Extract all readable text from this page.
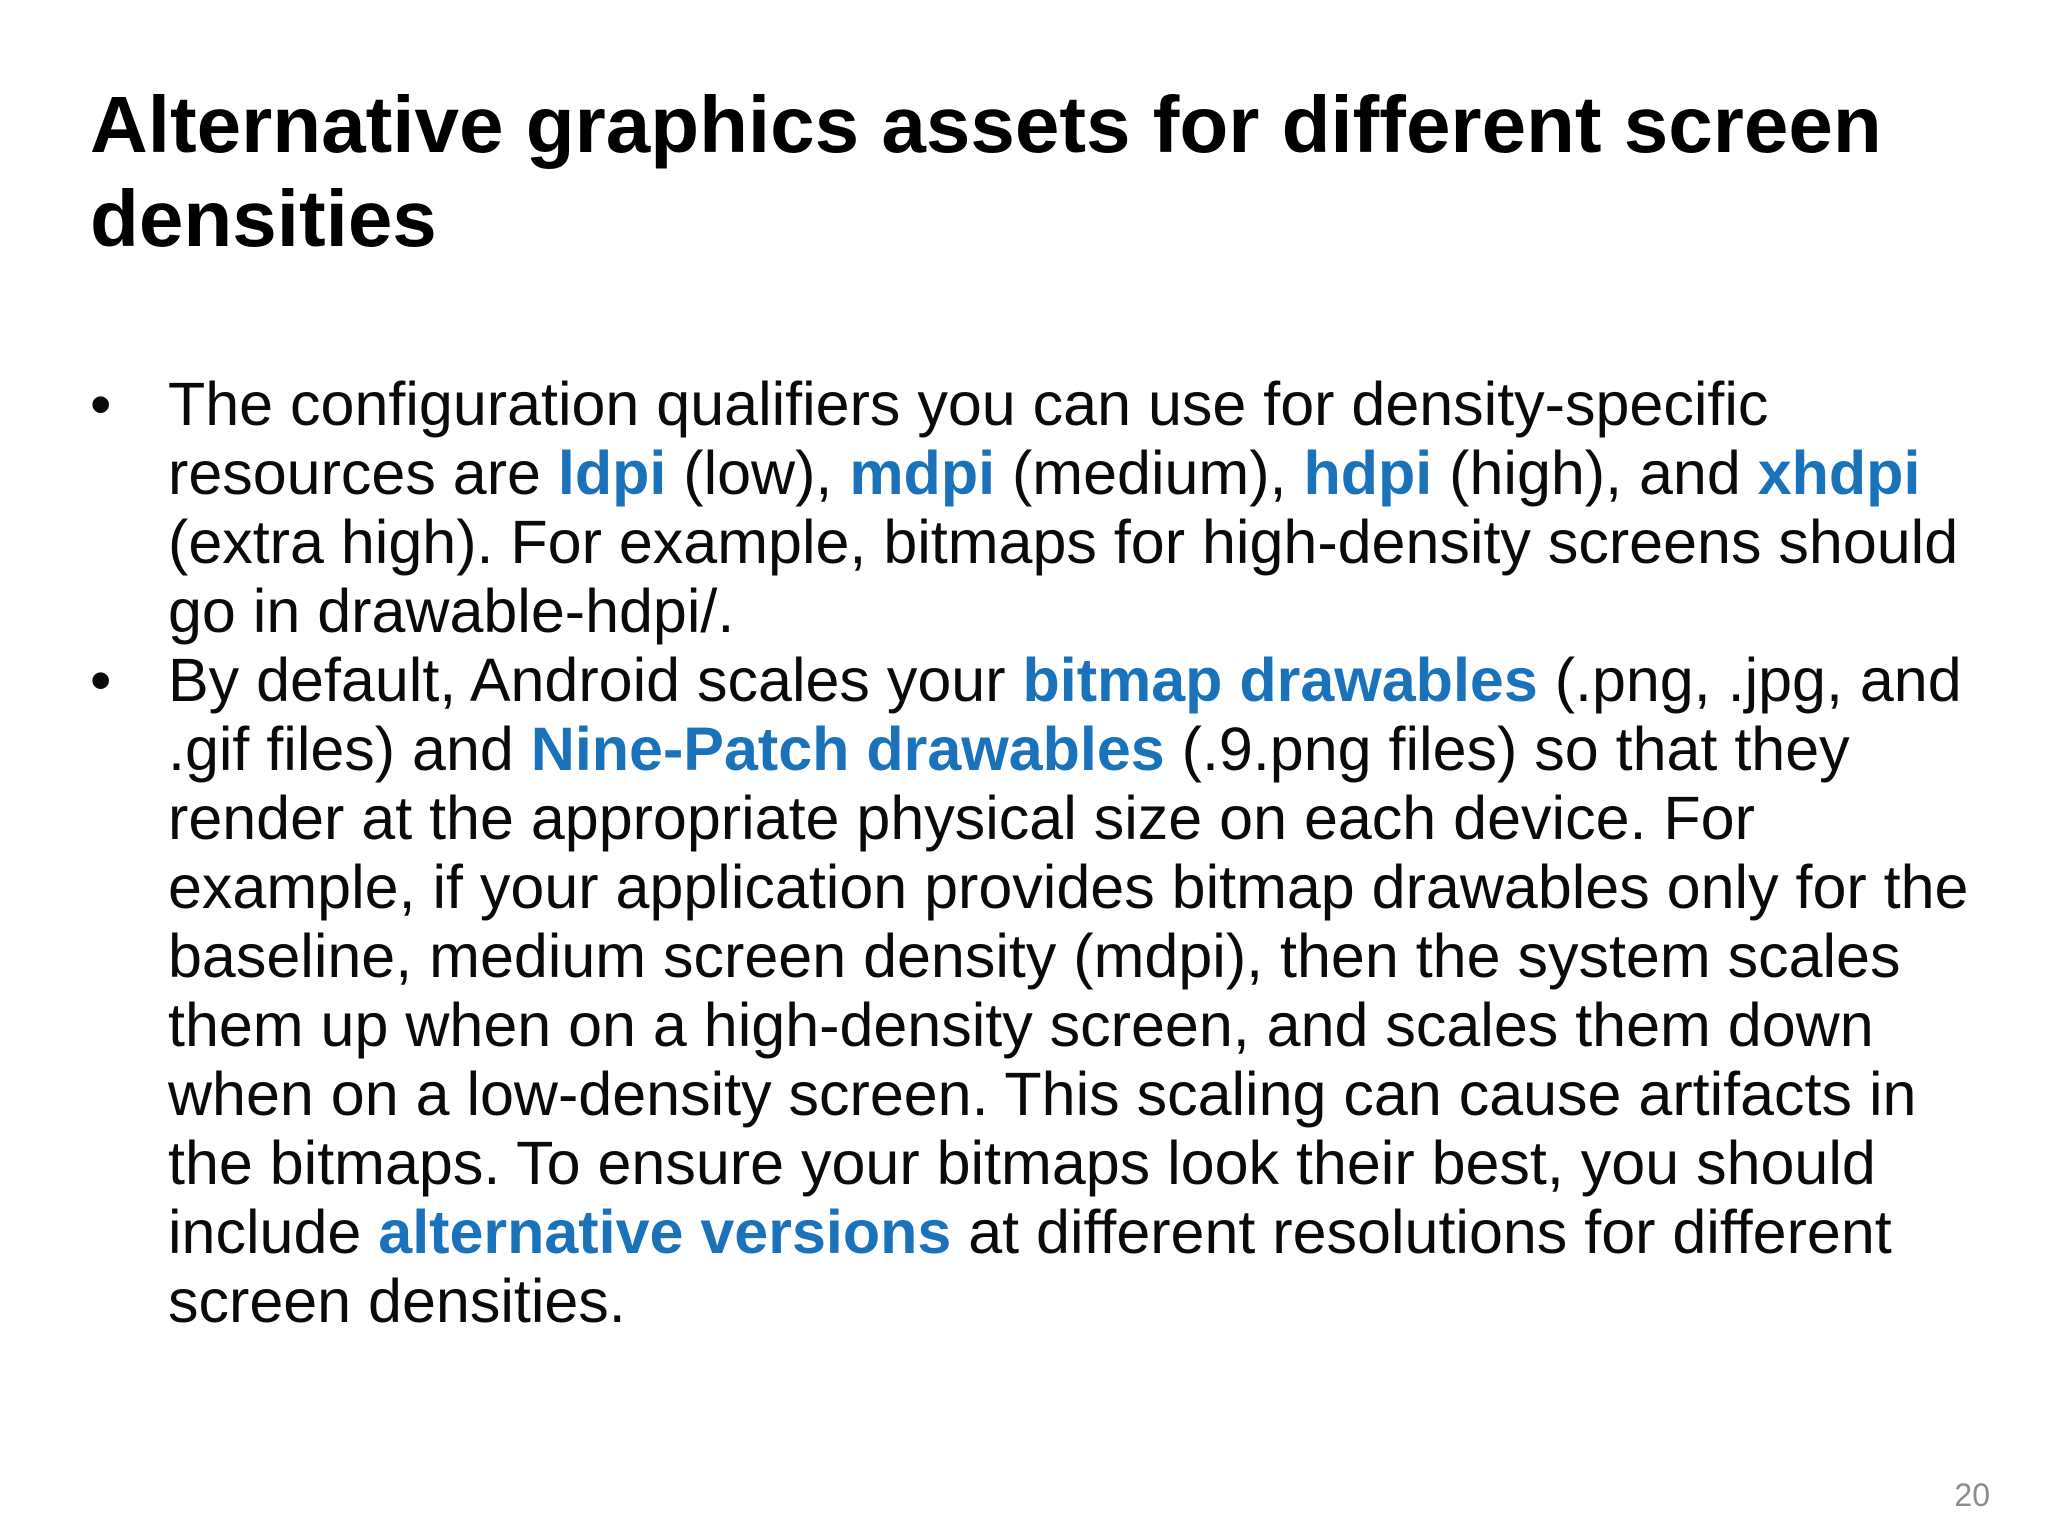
Alternative graphics assets for different screen densities
• The configuration qualifiers you can use for density-specific resources are ldpi (low), mdpi (medium), hdpi (high), and xhdpi (extra high). For example, bitmaps for high-density screens should go in drawable-hdpi/.
• By default, Android scales your bitmap drawables (.png, .jpg, and .gif files) and Nine-Patch drawables (.9.png files) so that they render at the appropriate physical size on each device. For example, if your application provides bitmap drawables only for the baseline, medium screen density (mdpi), then the system scales them up when on a high-density screen, and scales them down when on a low-density screen. This scaling can cause artifacts in the bitmaps. To ensure your bitmaps look their best, you should include alternative versions at different resolutions for different screen densities.
20
